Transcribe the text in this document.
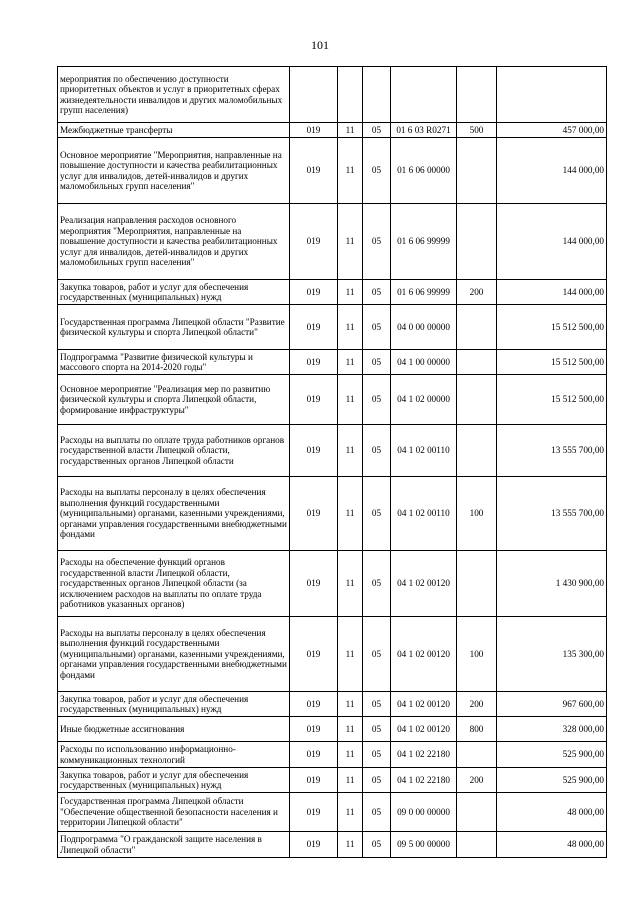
101
мероприятия по обеспечению доступности приоритетных объектов и услуг в приоритетных сферах жизнедеятельности инвалидов и других маломобильных групп населения)						
Межбюджетные трансферты	019	11	05	01 6 03 R0271	500	457 000,00
Основное мероприятие "Мероприятия, направленные на повышение доступности и качества реабилитационных услуг для инвалидов, детей-инвалидов и других маломобильных групп населения"	019	11	05	01 6 06 00000		144 000,00
Реализация направления расходов основного мероприятия "Мероприятия, направленные на повышение доступности и качества реабилитационных услуг для инвалидов, детей-инвалидов и других маломобильных групп населения"	019	11	05	01 6 06 99999		144 000,00
Закупка товаров, работ и услуг для обеспечения государственных (муниципальных) нужд	019	11	05	01 6 06 99999	200	144 000,00
Государственная программа Липецкой области "Развитие физической культуры и спорта Липецкой области"	019	11	05	04 0 00 00000		15 512 500,00
Подпрограмма "Развитие физической культуры и массового спорта на 2014-2020 годы"	019	11	05	04 1 00 00000		15 512 500,00
Основное мероприятие "Реализация мер по развитию физической культуры и спорта Липецкой области, формирование инфраструктуры"	019	11	05	04 1 02 00000		15 512 500,00
Расходы на выплаты по оплате труда работников органов государственной власти Липецкой области, государственных органов Липецкой области	019	11	05	04 1 02 00110		13 555 700,00
Расходы на выплаты персоналу в целях обеспечения выполнения функций государственными (муниципальными) органами, казенными учреждениями, органами управления государственными внебюджетными фондами	019	11	05	04 1 02 00110	100	13 555 700,00
Расходы на обеспечение функций органов государственной власти Липецкой области, государственных органов Липецкой области (за исключением расходов на выплаты по оплате труда работников указанных органов)	019	11	05	04 1 02 00120		1 430 900,00
Расходы на выплаты персоналу в целях обеспечения выполнения функций государственными (муниципальными) органами, казенными учреждениями, органами управления государственными внебюджетными фондами	019	11	05	04 1 02 00120	100	135 300,00
Закупка товаров, работ и услуг для обеспечения государственных (муниципальных) нужд	019	11	05	04 1 02 00120	200	967 600,00
Иные бюджетные ассигнования	019	11	05	04 1 02 00120	800	328 000,00
Расходы по использованию информационно-коммуникационных технологий	019	11	05	04 1 02 22180		525 900,00
Закупка товаров, работ и услуг для обеспечения государственных (муниципальных) нужд	019	11	05	04 1 02 22180	200	525 900,00
Государственная программа Липецкой области "Обеспечение общественной безопасности населения и территории Липецкой области"	019	11	05	09 0 00 00000		48 000,00
Подпрограмма "О гражданской защите населения в Липецкой области"	019	11	05	09 5 00 00000		48 000,00
